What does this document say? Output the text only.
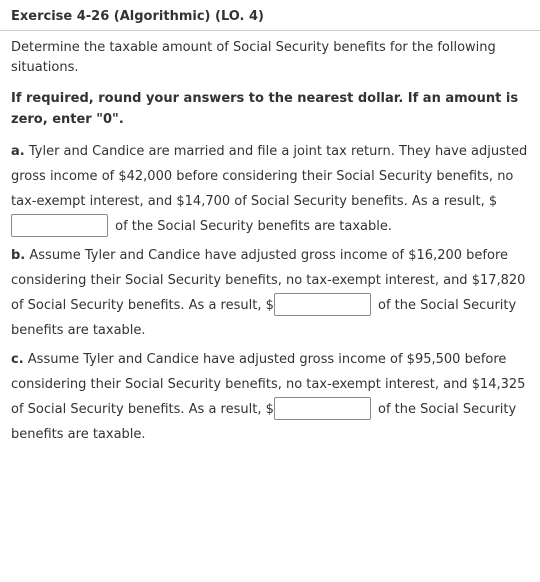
Exercise 4-26 (Algorithmic) (LO. 4)

Determine the taxable amount of Social Security benefits for the following situations.

If required, round your answers to the nearest dollar. If an amount is zero, enter "0".

a. Tyler and Candice are married and file a joint tax return. They have adjusted gross income of $42,000 before considering their Social Security benefits, no tax-exempt interest, and $14,700 of Social Security benefits. As a result, $ of the Social Security benefits are taxable.

b. Assume Tyler and Candice have adjusted gross income of $16,200 before considering their Social Security benefits, no tax-exempt interest, and $17,820 of Social Security benefits. As a result, $	of the Social Security benefits are taxable.

c. Assume Tyler and Candice have adjusted gross income of $95,500 before considering their Social Security benefits, no tax-exempt interest, and $14,325 of Social Security benefits. As a result, $	of the Social Security benefits are taxable.
